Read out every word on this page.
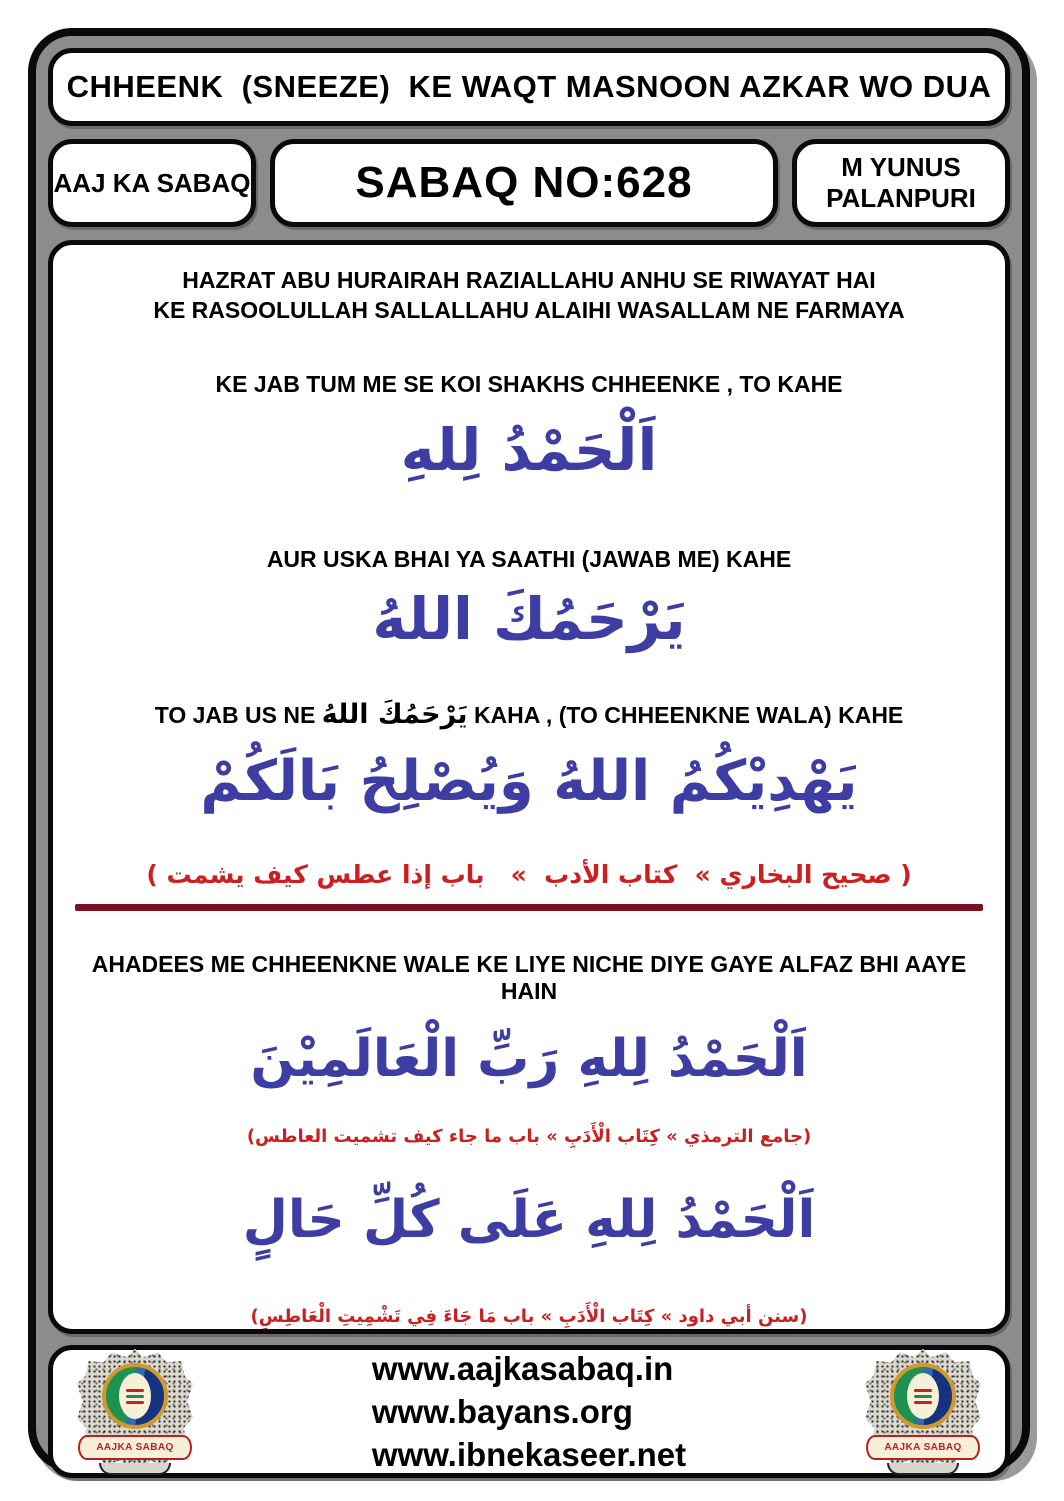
CHHEENK  (SNEEZE)  KE WAQT MASNOON AZKAR WO DUA
AAJ KA SABAQ SABAQ NO:628	M YUNUS PALANPURI
HAZRAT ABU HURAIRAH RAZIALLAHU ANHU SE RIWAYAT HAI
KE RASOOLULLAH SALLALLAHU ALAIHI WASALLAM NE FARMAYA
KE JAB TUM ME SE KOI SHAKHS CHHEENKE , TO KAHE
اَلْحَمْدُ لِلهِ
AUR USKA BHAI YA SAATHI (JAWAB ME) KAHE
يَرْحَمُكَ اللهُ
TO JAB US NE يَرْحَمُكَ اللهُ KAHA , (TO CHHEENKNE WALA) KAHE
يَهْدِيْكُمُ اللهُ وَيُصْلِحُ بَالَكُمْ
( صحيح البخاري »  كتاب الأدب  »   باب إذا عطس كيف يشمت )
AHADEES ME CHHEENKNE WALE KE LIYE NICHE DIYE GAYE ALFAZ BHI AAYE HAIN
اَلْحَمْدُ لِلهِ رَبِّ الْعَالَمِيْنَ
(جامع الترمذي » كِتَاب الْأَدَبِ » باب ما جاء كيف تشميت العاطس)
اَلْحَمْدُ لِلهِ عَلَى كُلِّ حَالٍ
(سنن أبي داود » كِتَاب الْأَدَبِ » باب مَا جَاءَ فِي تَشْمِيتِ الْعَاطِسِ)
AAJKA SABAQ
www.aajkasabaq.in
www.bayans.org
www.ibnekaseer.net	AAJKA SABAQ
